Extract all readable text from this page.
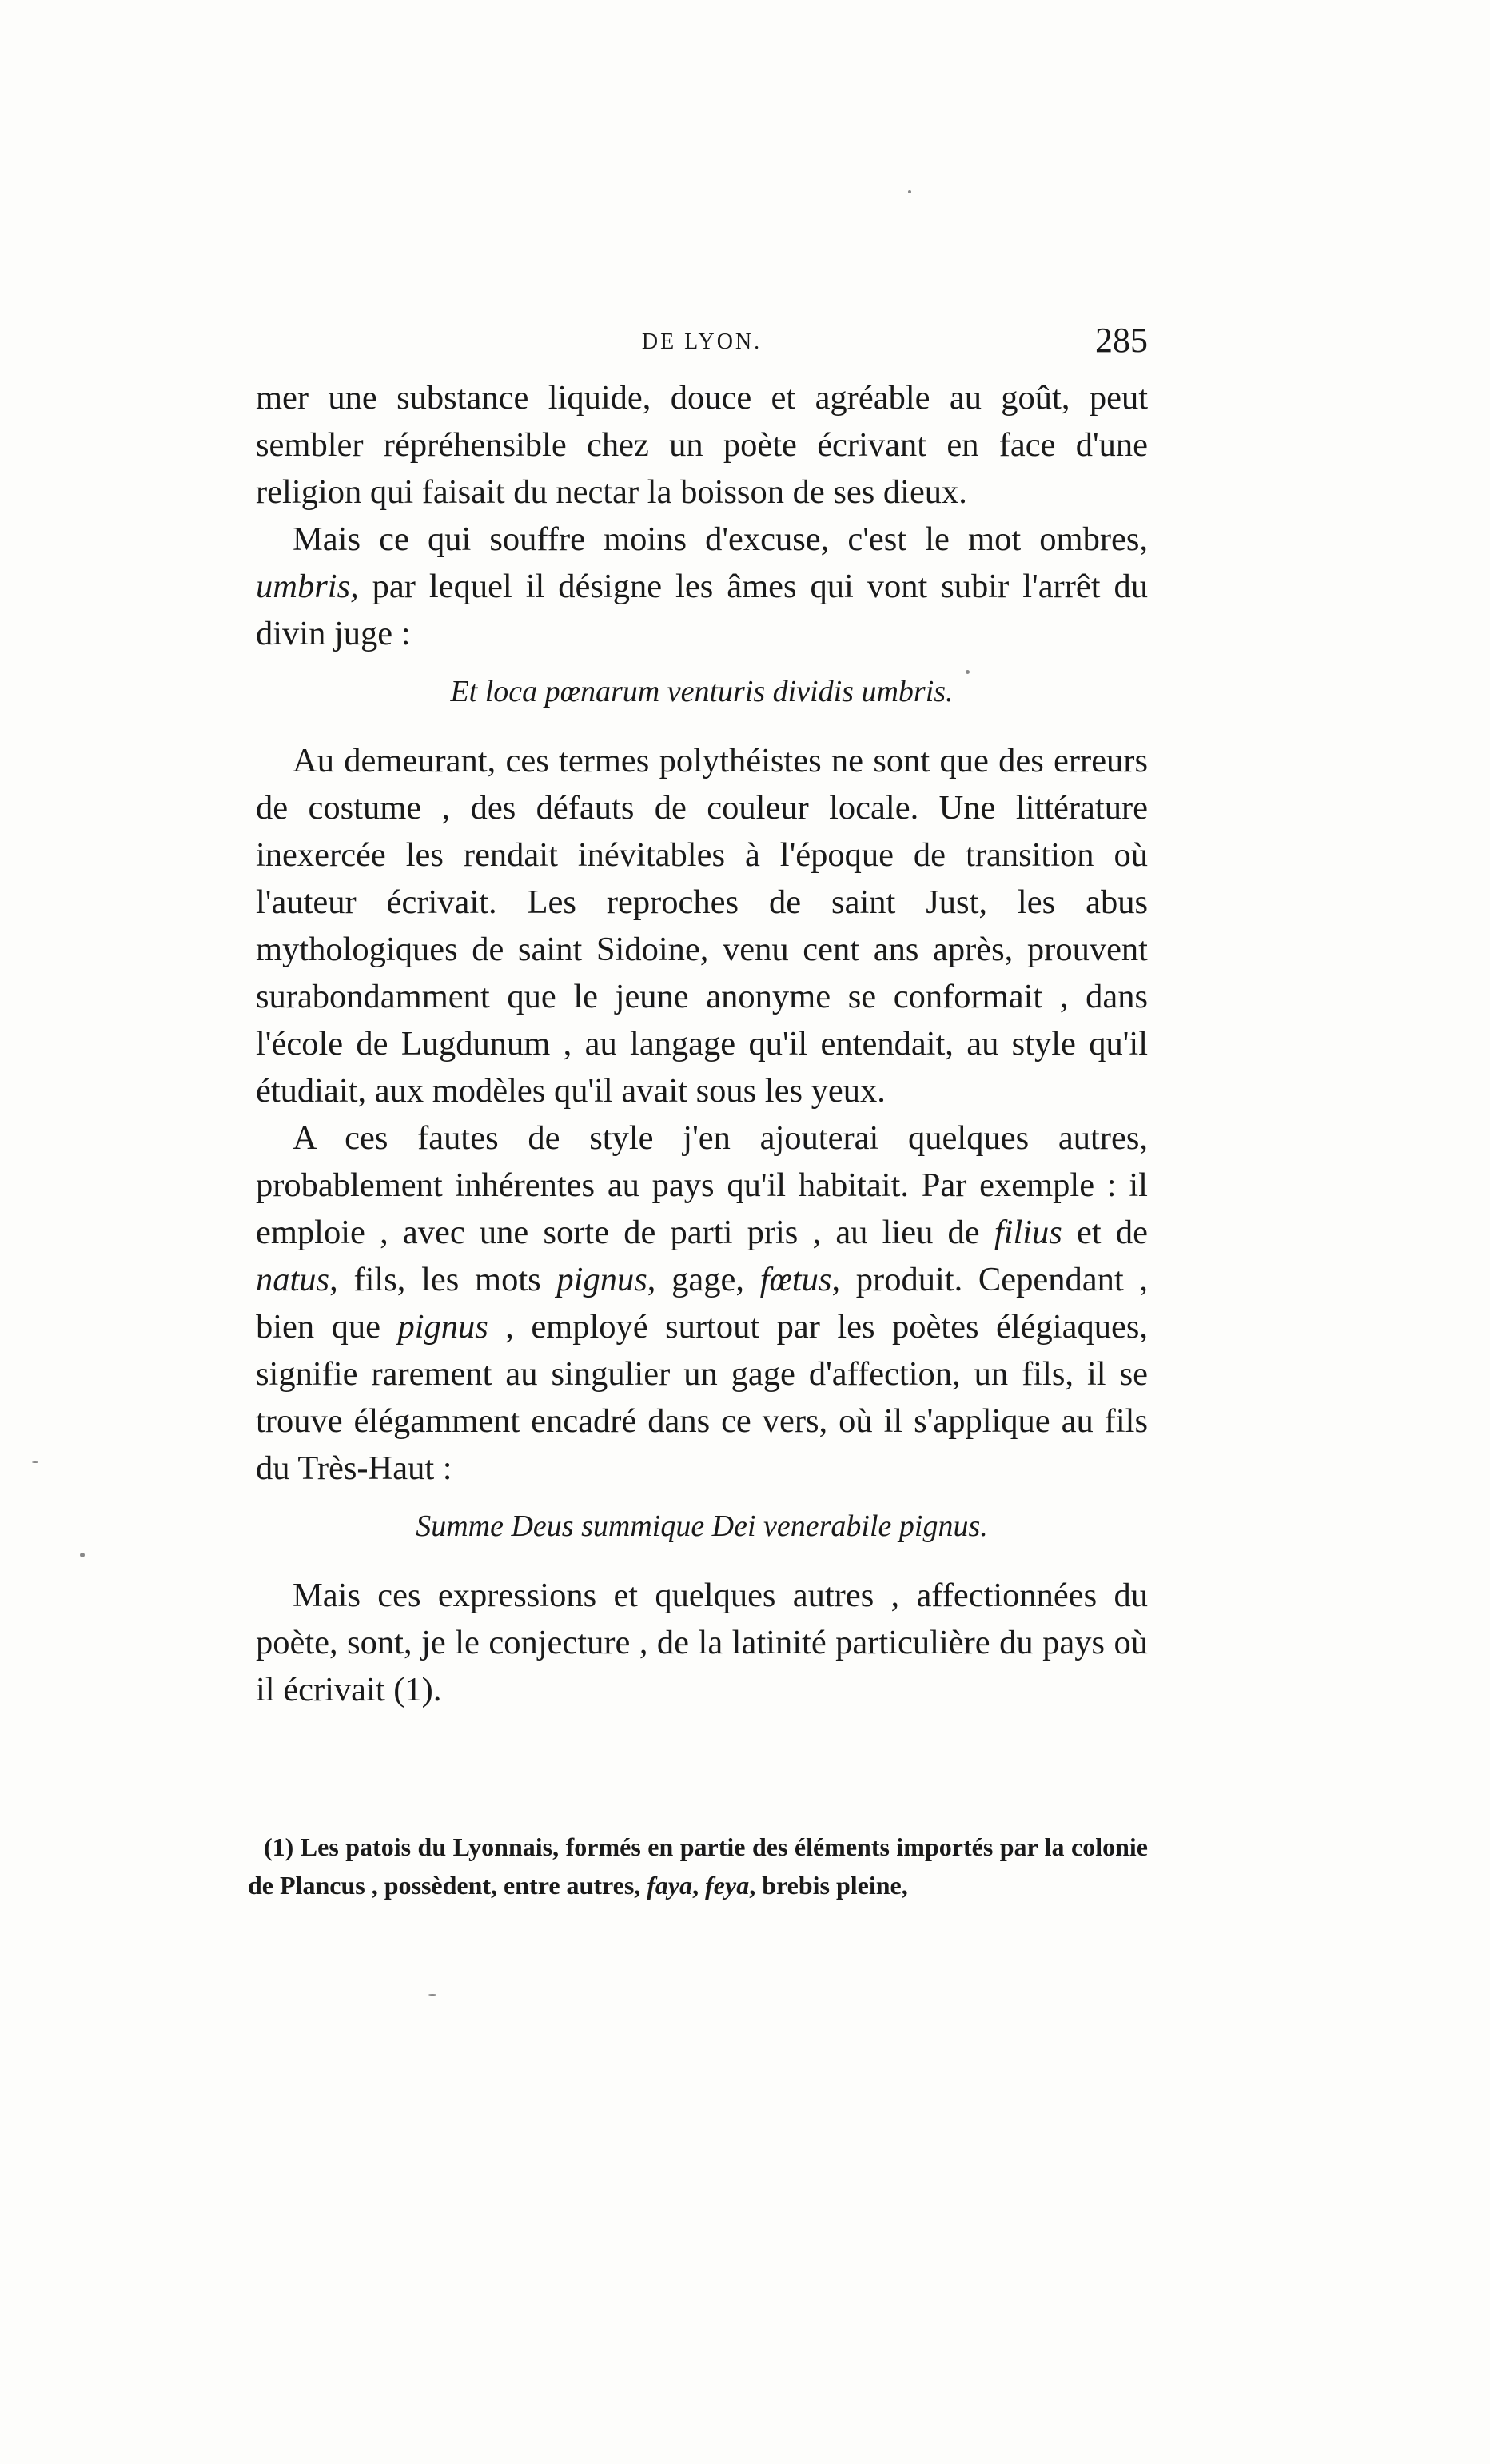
DE LYON.	285

mer une substance liquide, douce et agréable au goût, peut sembler répréhensible chez un poète écrivant en face d'une religion qui faisait du nectar la boisson de ses dieux.

Mais ce qui souffre moins d'excuse, c'est le mot ombres, umbris, par lequel il désigne les âmes qui vont subir l'arrêt du divin juge :

Et loca pœnarum venturis dividis umbris.

Au demeurant, ces termes polythéistes ne sont que des erreurs de costume , des défauts de couleur locale. Une littérature inexercée les rendait inévitables à l'époque de transition où l'auteur écrivait. Les reproches de saint Just, les abus mythologiques de saint Sidoine, venu cent ans après, prouvent surabondamment que le jeune anonyme se conformait , dans l'école de Lugdunum , au langage qu'il entendait, au style qu'il étudiait, aux modèles qu'il avait sous les yeux.

A ces fautes de style j'en ajouterai quelques autres, probablement inhérentes au pays qu'il habitait. Par exemple : il emploie , avec une sorte de parti pris , au lieu de filius et de natus, fils, les mots pignus, gage, fœtus, produit. Cependant , bien que pignus , employé surtout par les poètes élégiaques, signifie rarement au singulier un gage d'affection, un fils, il se trouve élégamment encadré dans ce vers, où il s'applique au fils du Très-Haut :

Summe Deus summique Dei venerabile pignus.

Mais ces expressions et quelques autres , affectionnées du poète, sont, je le conjecture , de la latinité particulière du pays où il écrivait (1).

(1) Les patois du Lyonnais, formés en partie des éléments importés par la colonie de Plancus , possèdent, entre autres, faya, feya, brebis pleine,
